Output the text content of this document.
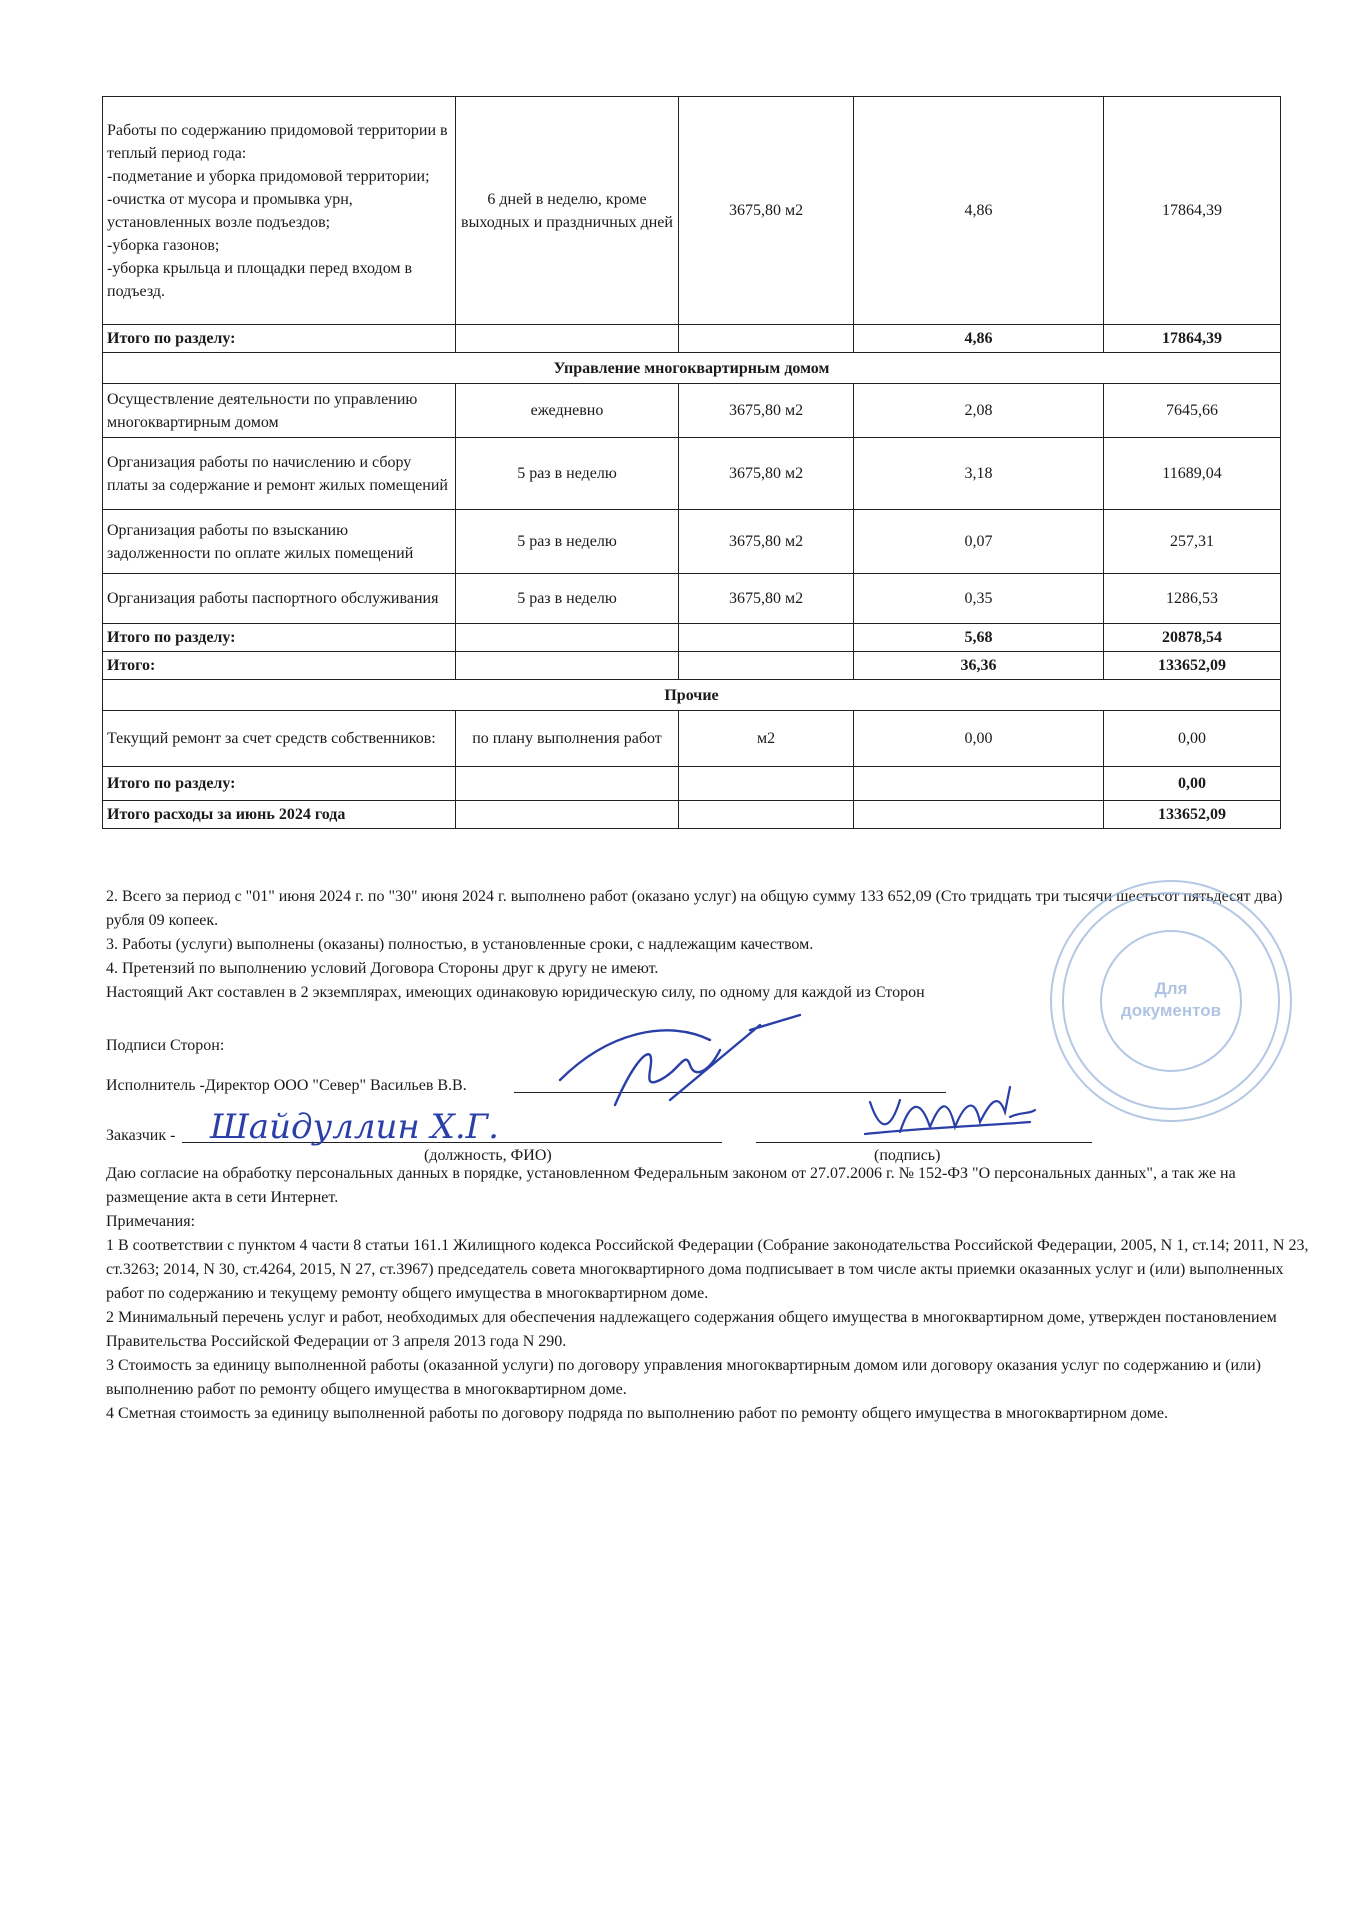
Работы по содержанию придомовой территории в теплый период года:
-подметание и уборка придомовой территории;
-очистка от мусора и промывка урн, установленных возле подъездов;
-уборка газонов;
-уборка крыльца и площадки перед входом в подъезд.	6 дней в неделю, кроме выходных и праздничных дней	3675,80 м2	4,86	17864,39
Итого по разделу:			4,86	17864,39
Управление многоквартирным домом				
Осуществление деятельности по управлению многоквартирным домом	ежедневно	3675,80 м2	2,08	7645,66
Организация работы по начислению и сбору платы за содержание и ремонт жилых помещений	5 раз в неделю	3675,80 м2	3,18	11689,04
Организация работы по взысканию задолженности по оплате жилых помещений	5 раз в неделю	3675,80 м2	0,07	257,31
Организация работы паспортного обслуживания	5 раз в неделю	3675,80 м2	0,35	1286,53
Итого по разделу:			5,68	20878,54
Итого:			36,36	133652,09
Прочие				
Текущий ремонт за счет средств собственников:	по плану выполнения работ	м2	0,00	0,00
Итого по разделу:				0,00
Итого расходы за июнь 2024 года				133652,09

2. Всего за период с "01" июня 2024 г. по "30" июня 2024 г. выполнено работ (оказано услуг) на общую сумму 133 652,09 (Сто тридцать три тысячи шестьсот пятьдесят два) рубля 09 копеек.

3. Работы (услуги) выполнены (оказаны) полностью, в установленные сроки, с надлежащим качеством.

4. Претензий по выполнению условий Договора Стороны друг к другу не имеют.

Настоящий Акт составлен в 2 экземплярах, имеющих одинаковую юридическую силу, по одному для каждой из Сторон

Подписи Сторон:
Исполнитель -Директор ООО "Север" Васильев В.В.
Заказчик -
(должность, ФИО)	(подпись)

Даю согласие на обработку персональных данных в порядке, установленном Федеральным законом от 27.07.2006 г. № 152-ФЗ "О персональных данных", а так же на размещение акта в сети Интернет.

Примечания:

1 В соответствии с пунктом 4 части 8 статьи 161.1 Жилищного кодекса Российской Федерации (Собрание законодательства Российской Федерации, 2005, N 1, ст.14; 2011, N 23, ст.3263; 2014, N 30, ст.4264, 2015, N 27, ст.3967) председатель совета многоквартирного дома подписывает в том числе акты приемки оказанных услуг и (или) выполненных работ по содержанию и текущему ремонту общего имущества в многоквартирном доме.

2 Минимальный перечень услуг и работ, необходимых для обеспечения надлежащего содержания общего имущества в многоквартирном доме, утвержден постановлением Правительства Российской Федерации от 3 апреля 2013 года N 290.

3 Стоимость за единицу выполненной работы (оказанной услуги) по договору управления многоквартирным домом или договору оказания услуг по содержанию и (или) выполнению работ по ремонту общего имущества в многоквартирном доме.

4 Сметная стоимость за единицу выполненной работы по договору подряда по выполнению работ по ремонту общего имущества в многоквартирном доме.

Для
документов
Шайдуллин Х.Г.
